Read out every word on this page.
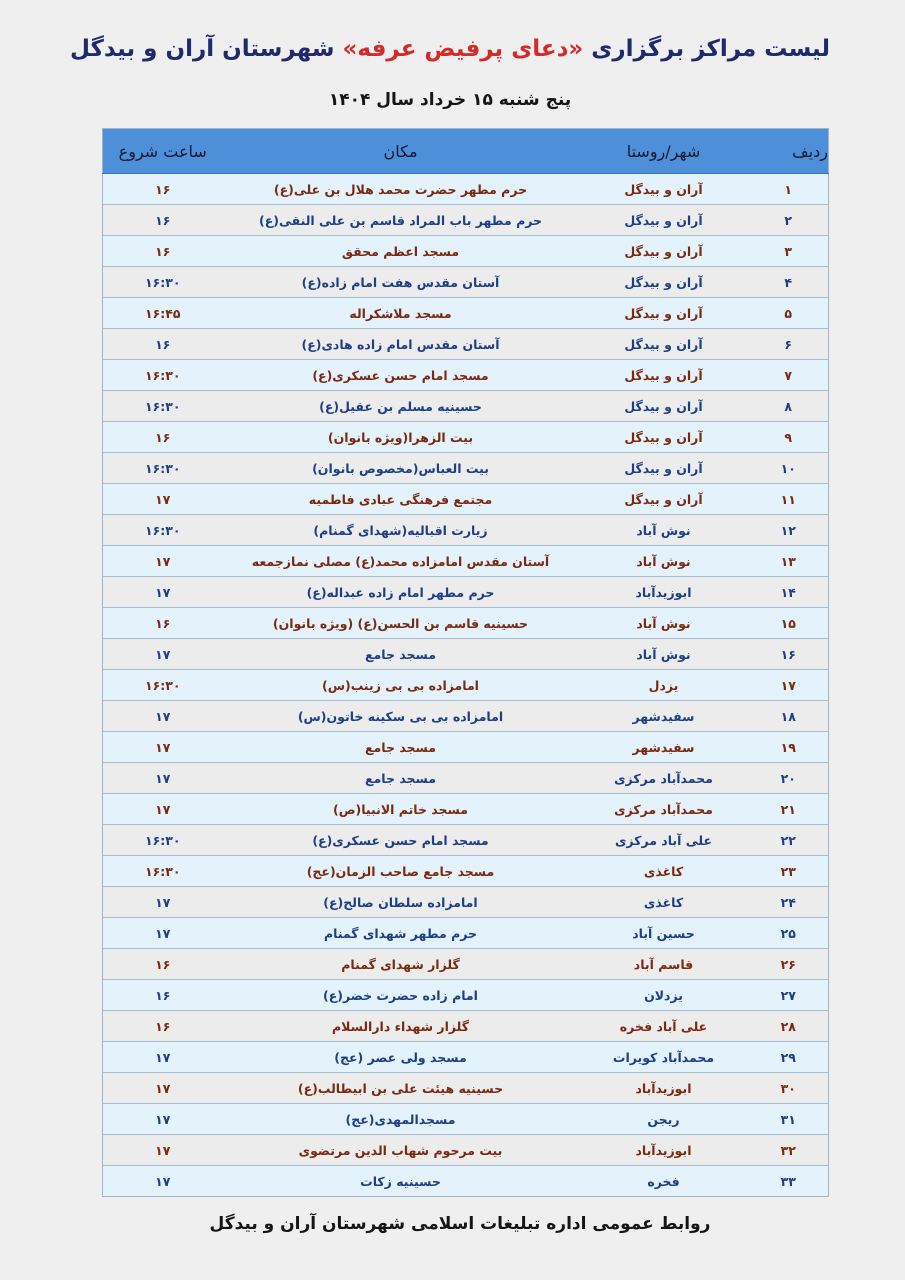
لیست مراکز برگزاری «دعای پرفیض عرفه» شهرستان آران و بیدگل
پنج شنبه ۱۵ خرداد سال ۱۴۰۴
ردیف	شهر/روستا	مکان	ساعت شروع
۱	آران و بیدگل	حرم مطهر حضرت محمد هلال بن علی(ع)	۱۶
۲	آران و بیدگل	حرم مطهر باب المراد قاسم بن علی النقی(ع)	۱۶
۳	آران و بیدگل	مسجد اعظم محقق	۱۶
۴	آران و بیدگل	آستان مقدس هفت امام زاده(ع)	۱۶:۳۰
۵	آران و بیدگل	مسجد ملاشکراله	۱۶:۴۵
۶	آران و بیدگل	آستان مقدس امام زاده هادی(ع)	۱۶
۷	آران و بیدگل	مسجد امام حسن عسکری(ع)	۱۶:۳۰
۸	آران و بیدگل	حسینیه مسلم بن عقیل(ع)	۱۶:۳۰
۹	آران و بیدگل	بیت الزهرا(ویژه بانوان)	۱۶
۱۰	آران و بیدگل	بیت العباس(مخصوص بانوان)	۱۶:۳۰
۱۱	آران و بیدگل	مجتمع فرهنگی عبادی فاطمیه	۱۷
۱۲	نوش آباد	زیارت اقبالیه(شهدای گمنام)	۱۶:۳۰
۱۳	نوش آباد	آستان مقدس امامزاده محمد(ع) مصلی نمازجمعه	۱۷
۱۴	ابوزیدآباد	حرم مطهر امام زاده عبداله(ع)	۱۷
۱۵	نوش آباد	حسینیه قاسم بن الحسن(ع) (ویژه بانوان)	۱۶
۱۶	نوش آباد	مسجد جامع	۱۷
۱۷	یزدل	امامزاده بی بی زینب(س)	۱۶:۳۰
۱۸	سفیدشهر	امامزاده بی بی سکینه خاتون(س)	۱۷
۱۹	سفیدشهر	مسجد جامع	۱۷
۲۰	محمدآباد مرکزی	مسجد جامع	۱۷
۲۱	محمدآباد مرکزی	مسجد خاتم الانبیا(ص)	۱۷
۲۲	علی آباد مرکزی	مسجد امام حسن عسکری(ع)	۱۶:۳۰
۲۳	کاغذی	مسجد جامع صاحب الزمان(عج)	۱۶:۳۰
۲۴	کاغذی	امامزاده سلطان صالح(ع)	۱۷
۲۵	حسین آباد	حرم مطهر شهدای گمنام	۱۷
۲۶	قاسم آباد	گلزار شهدای گمنام	۱۶
۲۷	یزدلان	امام زاده حضرت خضر(ع)	۱۶
۲۸	علی آباد فخره	گلزار شهداء دارالسلام	۱۶
۲۹	محمدآباد کویرات	مسجد ولی عصر (عج)	۱۷
۳۰	ابوزیدآباد	حسینیه هیئت علی بن ابیطالب(ع)	۱۷
۳۱	ریجن	مسجدالمهدی(عج)	۱۷
۳۲	ابوزیدآباد	بیت مرحوم شهاب الدین مرتضوی	۱۷
۳۳	فخره	حسینیه زکات	۱۷
روابط عمومی اداره تبلیغات اسلامی شهرستان آران و بیدگل
